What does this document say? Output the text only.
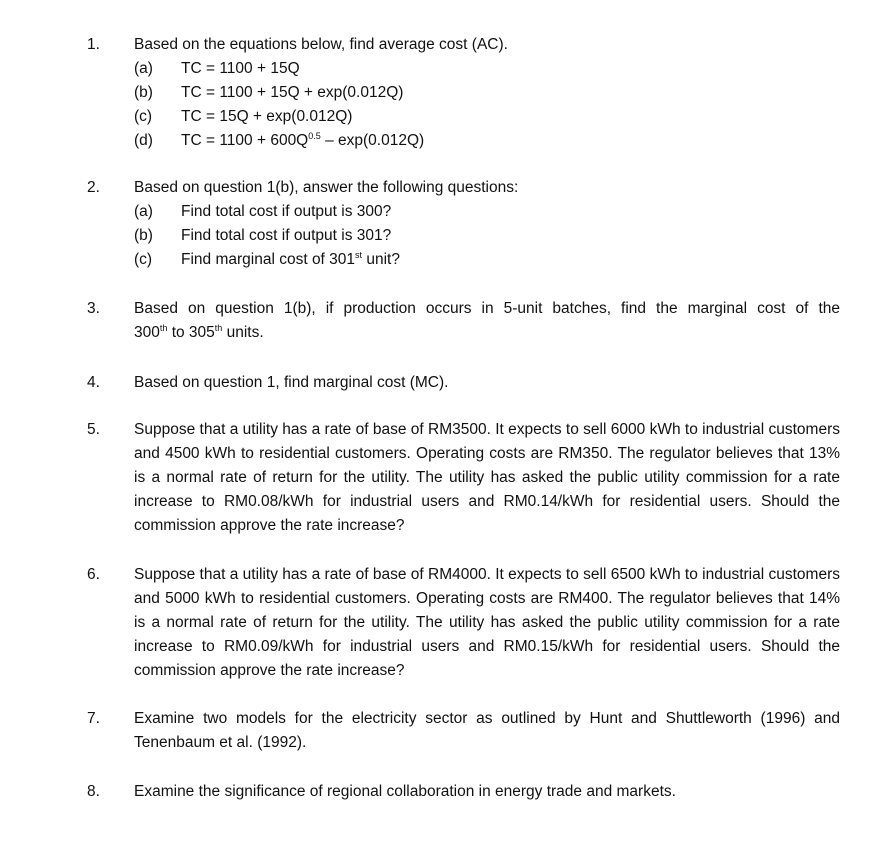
1. Based on the equations below, find average cost (AC).
(a) TC = 1100 + 15Q
(b) TC = 1100 + 15Q + exp(0.012Q)
(c) TC = 15Q + exp(0.012Q)
(d) TC = $1100 + 600Q^{0.5} - \exp(0.012Q)$
2. Based on question 1(b), answer the following questions:
(a) Find total cost if output is 300?
(b) Find total cost if output is 301?
(c) Find marginal cost of 301st unit?
3. Based on question 1(b), if production occurs in 5-unit batches, find the marginal cost of the
300th to 305th units.
4. Based on question 1, find marginal cost (MC).
5. Suppose that a utility has a rate of base of RM3500. It expects to sell 6000 kWh to industrial customers and 4500 kWh to residential customers. Operating costs are RM350. The regulator believes that 13% is a normal rate of return for the utility. The utility has asked the public utility commission for a rate increase to RM0.08/kWh for industrial users and RM0.14/kWh for residential users. Should the commission approve the rate increase?
6. Suppose that a utility has a rate of base of RM4000. It expects to sell 6500 kWh to industrial customers and 5000 kWh to residential customers. Operating costs are RM400. The regulator believes that 14% is a normal rate of return for the utility. The utility has asked the public utility commission for a rate increase to RM0.09/kWh for industrial users and RM0.15/kWh for residential users. Should the commission approve the rate increase?
7. Examine two models for the electricity sector as outlined by Hunt and Shuttleworth (1996) and Tenenbaum et al. (1992).
8. Examine the significance of regional collaboration in energy trade and markets.
